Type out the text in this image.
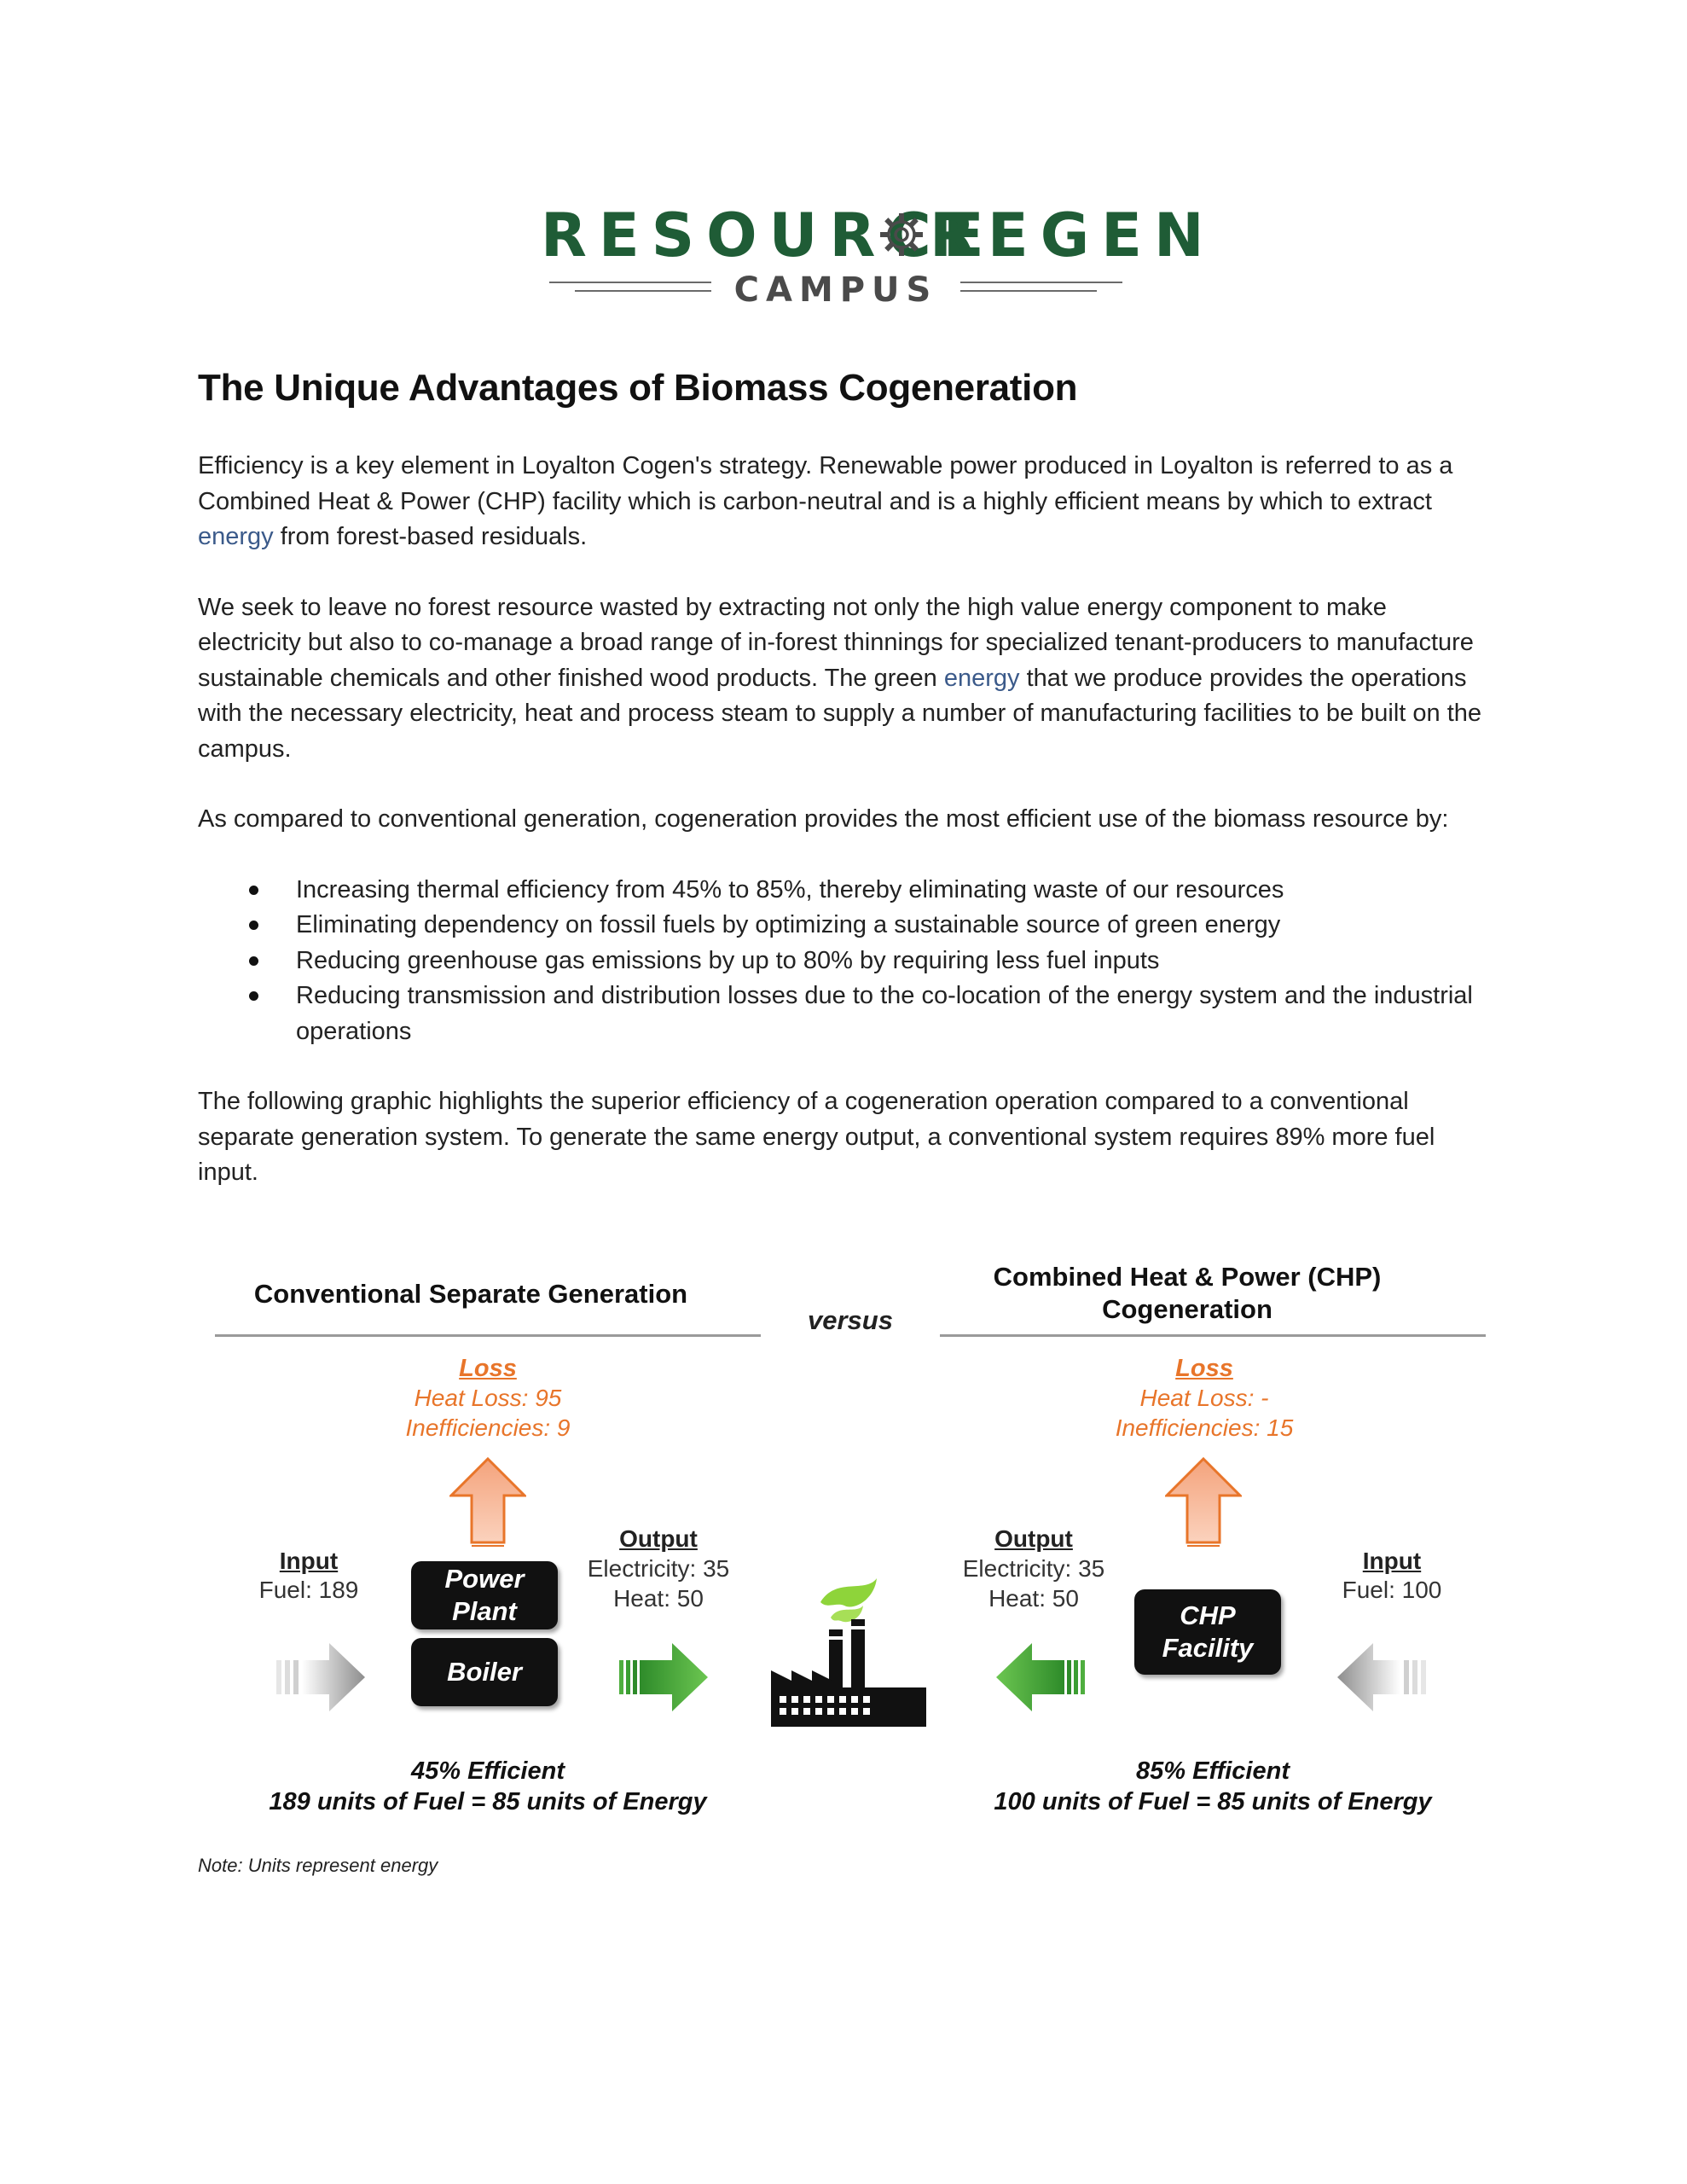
RESOURCE
REGEN
CAMPUS
The Unique Advantages of Biomass Cogeneration

Efficiency is a key element in Loyalton Cogen's strategy. Renewable power produced in Loyalton is referred to as a Combined Heat & Power (CHP) facility which is carbon-neutral and is a highly efficient means by which to extract energy from forest-based residuals.

We seek to leave no forest resource wasted by extracting not only the high value energy component to make electricity but also to co-manage a broad range of in-forest thinnings for specialized tenant-producers to manufacture sustainable chemicals and other finished wood products. The green energy that we produce provides the operations with the necessary electricity, heat and process steam to supply a number of manufacturing facilities to be built on the campus.

As compared to conventional generation, cogeneration provides the most efficient use of the biomass resource by:

Increasing thermal efficiency from 45% to 85%, thereby eliminating waste of our resources
Eliminating dependency on fossil fuels by optimizing a sustainable source of green energy
Reducing greenhouse gas emissions by up to 80% by requiring less fuel inputs
Reducing transmission and distribution losses due to the co-location of the energy system and the industrial operations

The following graphic highlights the superior efficiency of a cogeneration operation compared to a conventional separate generation system. To generate the same energy output, a conventional system requires 89% more fuel input.

Conventional Separate Generation
versus
Combined Heat & Power (CHP)
Cogeneration
Loss
Heat Loss: 95
Inefficiencies: 9
Input
Fuel: 189	Power Plant
Boiler
Output
Electricity: 35
Heat: 50
Loss
Heat Loss: -
Inefficiencies: 15
Output
Electricity: 35
Heat: 50
CHP Facility
Input
Fuel: 100
45% Efficient
189 units of Fuel = 85 units of Energy
85% Efficient
100 units of Fuel = 85 units of Energy
Note: Units represent energy
